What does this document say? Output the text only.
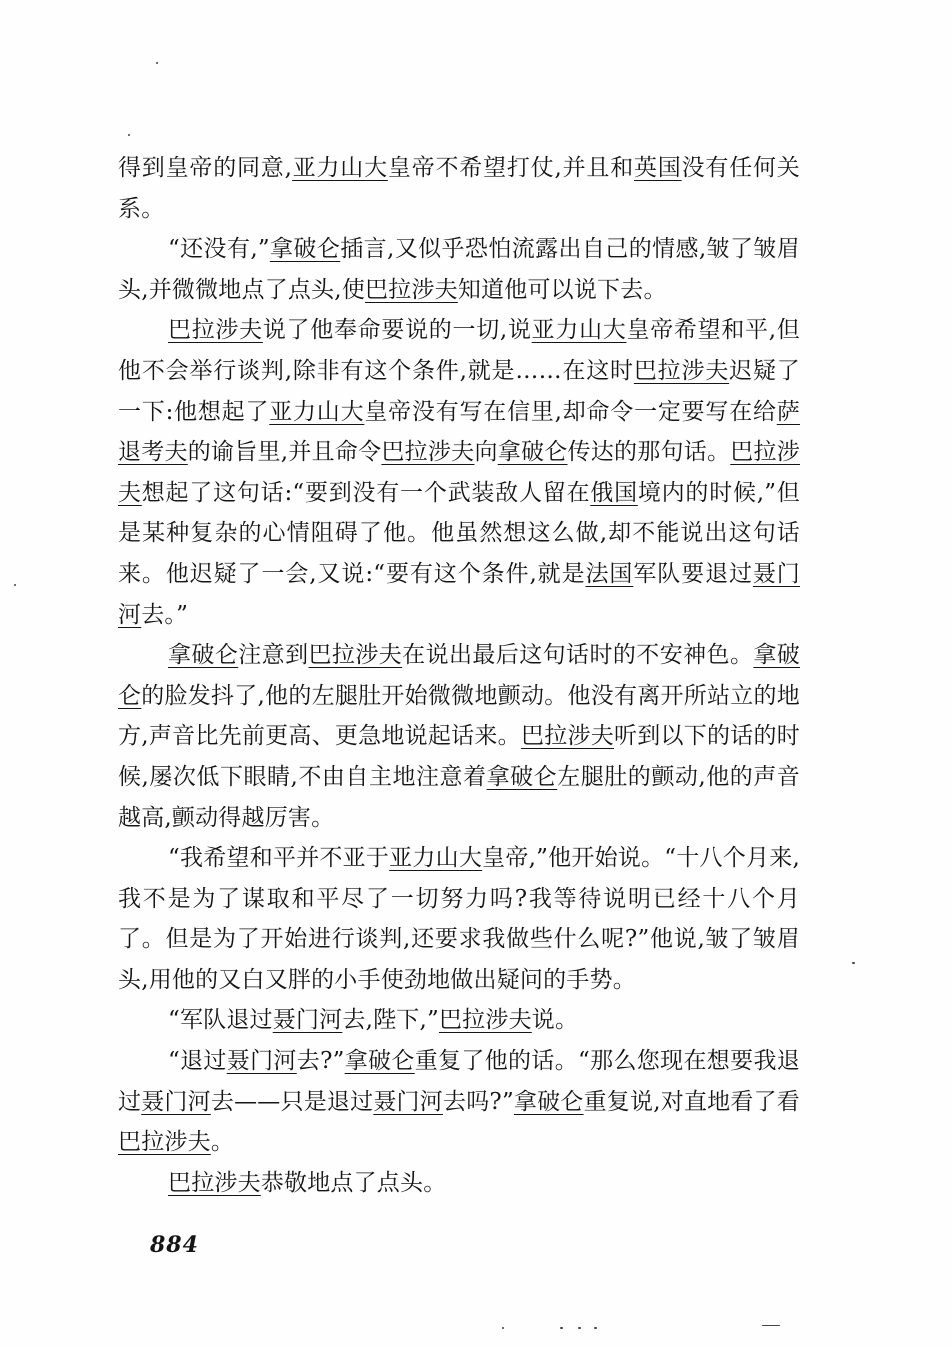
得到皇帝的同意,亚力山大皇帝不希望打仗,并且和英国没有任何关系。

“还没有,”拿破仑插言,又似乎恐怕流露出自己的情感,皱了皱眉头,并微微地点了点头,使巴拉涉夫知道他可以说下去。

巴拉涉夫说了他奉命要说的一切,说亚力山大皇帝希望和平,但他不会举行谈判,除非有这个条件,就是……在这时巴拉涉夫迟疑了一下:他想起了亚力山大皇帝没有写在信里,却命令一定要写在给萨退考夫的谕旨里,并且命令巴拉涉夫向拿破仑传达的那句话。巴拉涉夫想起了这句话:“要到没有一个武装敌人留在俄国境内的时候,”但是某种复杂的心情阻碍了他。他虽然想这么做,却不能说出这句话来。他迟疑了一会,又说:“要有这个条件,就是法国军队要退过聂门河去。”

拿破仑注意到巴拉涉夫在说出最后这句话时的不安神色。拿破仑的脸发抖了,他的左腿肚开始微微地颤动。他没有离开所站立的地方,声音比先前更高、更急地说起话来。巴拉涉夫听到以下的话的时候,屡次低下眼睛,不由自主地注意着拿破仑左腿肚的颤动,他的声音越高,颤动得越厉害。

“我希望和平并不亚于亚力山大皇帝,”他开始说。“十八个月来,我不是为了谋取和平尽了一切努力吗?我等待说明已经十八个月了。但是为了开始进行谈判,还要求我做些什么呢?”他说,皱了皱眉头,用他的又白又胖的小手使劲地做出疑问的手势。

“军队退过聂门河去,陛下,”巴拉涉夫说。

“退过聂门河去?”拿破仑重复了他的话。“那么您现在想要我退过聂门河去——只是退过聂门河去吗?”拿破仑重复说,对直地看了看巴拉涉夫。

巴拉涉夫恭敬地点了点头。

884
